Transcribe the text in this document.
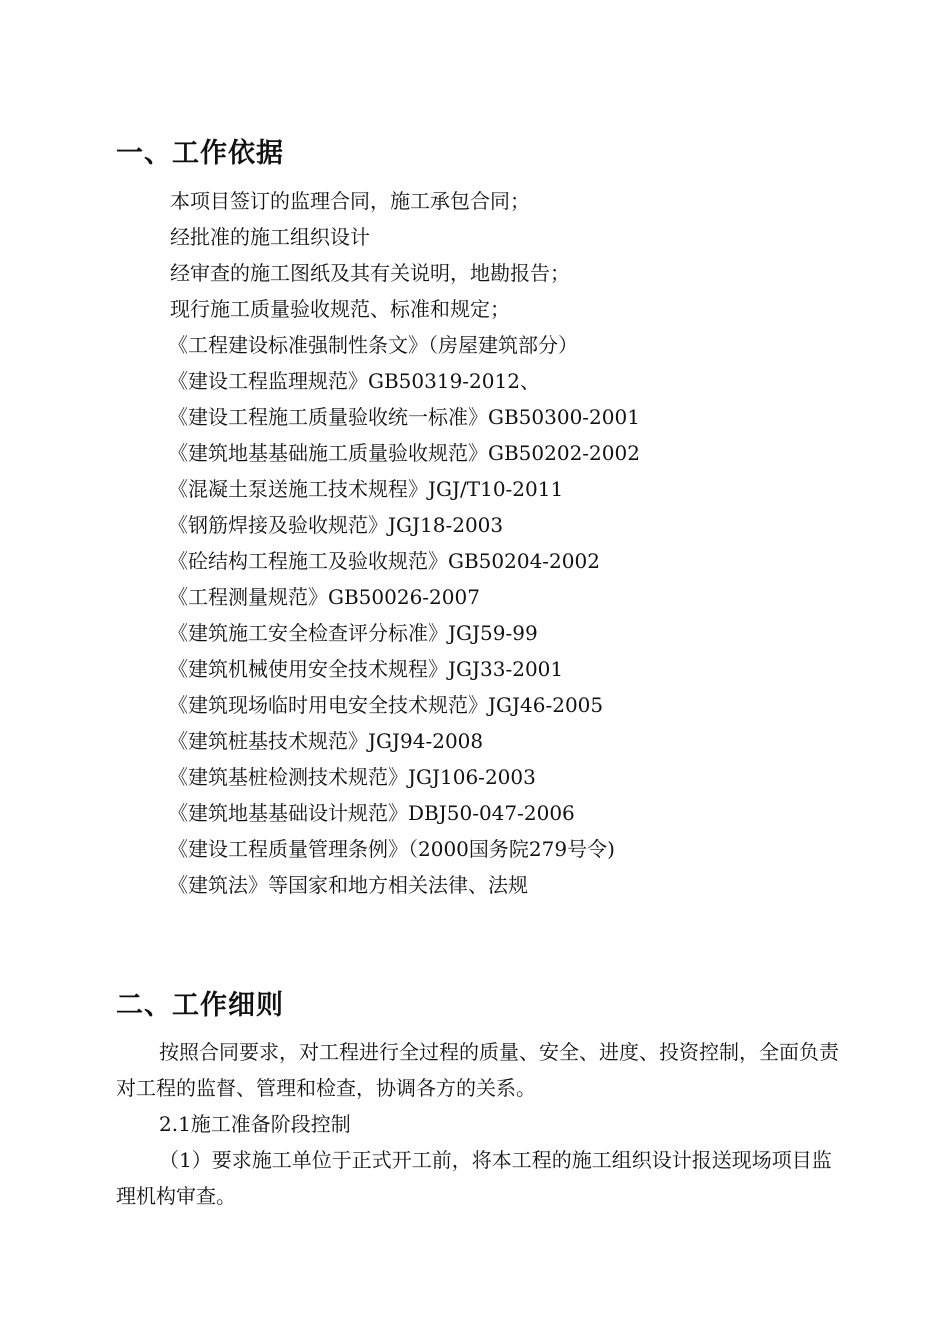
一、工作依据
本项目签订的监理合同，施工承包合同；
经批准的施工组织设计
经审查的施工图纸及其有关说明，地勘报告；
现行施工质量验收规范、标准和规定；
《工程建设标准强制性条文》（房屋建筑部分）
《建设工程监理规范》GB50319-2012、
《建设工程施工质量验收统一标准》GB50300-2001
《建筑地基基础施工质量验收规范》GB50202-2002
《混凝土泵送施工技术规程》JGJ/T10-2011
《钢筋焊接及验收规范》JGJ18-2003
《砼结构工程施工及验收规范》GB50204-2002
《工程测量规范》GB50026-2007
《建筑施工安全检查评分标准》JGJ59-99
《建筑机械使用安全技术规程》JGJ33-2001
《建筑现场临时用电安全技术规范》JGJ46-2005
《建筑桩基技术规范》JGJ94-2008
《建筑基桩检测技术规范》JGJ106-2003
《建筑地基基础设计规范》DBJ50-047-2006
《建设工程质量管理条例》（2000国务院279号令)
《建筑法》等国家和地方相关法律、法规
二、工作细则

按照合同要求，对工程进行全过程的质量、安全、进度、投资控制，全面负责对工程的监督、管理和检查，协调各方的关系。

2.1施工准备阶段控制

（1）要求施工单位于正式开工前，将本工程的施工组织设计报送现场项目监理机构审查。
